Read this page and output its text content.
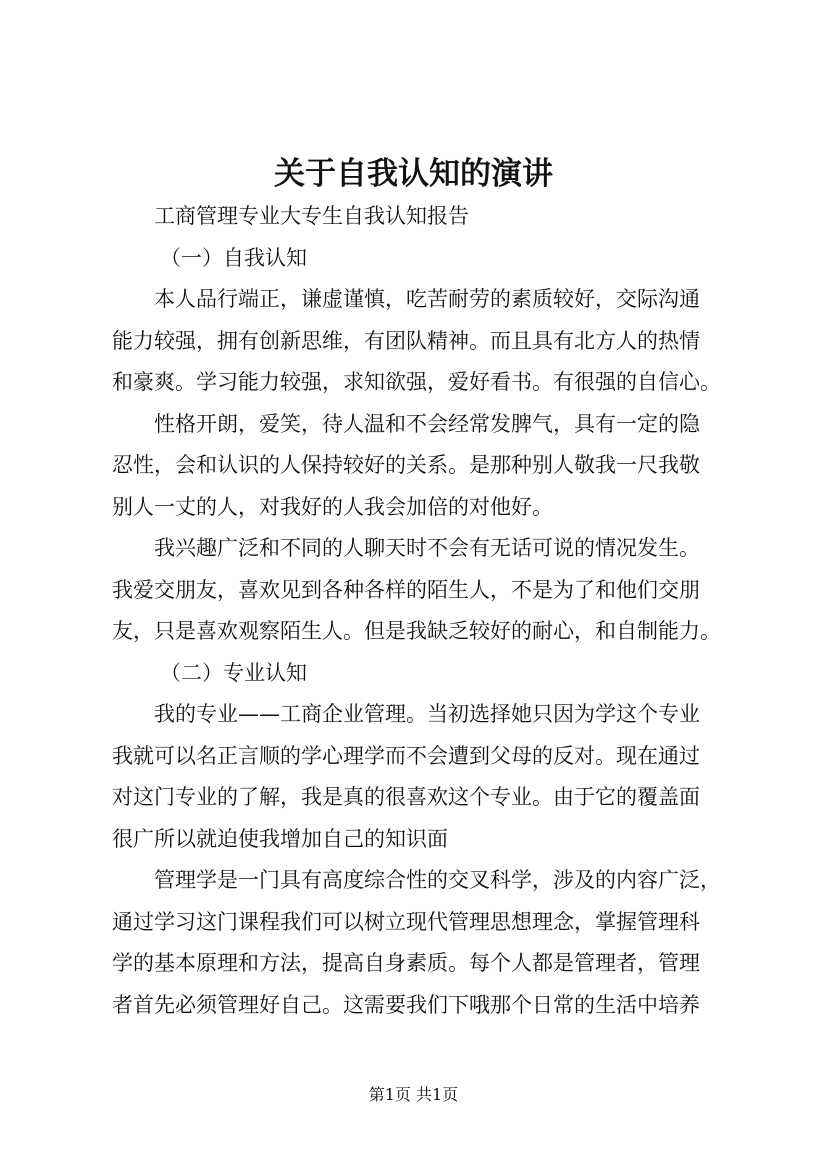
关于自我认知的演讲
工商管理专业大专生自我认知报告
（一）自我认知
本人品行端正，谦虚谨慎，吃苦耐劳的素质较好，交际沟通
能力较强，拥有创新思维，有团队精神。而且具有北方人的热情
和豪爽。学习能力较强，求知欲强，爱好看书。有很强的自信心。
性格开朗，爱笑，待人温和不会经常发脾气，具有一定的隐
忍性，会和认识的人保持较好的关系。是那种别人敬我一尺我敬
别人一丈的人，对我好的人我会加倍的对他好。
我兴趣广泛和不同的人聊天时不会有无话可说的情况发生。
我爱交朋友，喜欢见到各种各样的陌生人，不是为了和他们交朋
友，只是喜欢观察陌生人。但是我缺乏较好的耐心，和自制能力。
（二）专业认知
我的专业——工商企业管理。当初选择她只因为学这个专业
我就可以名正言顺的学心理学而不会遭到父母的反对。现在通过
对这门专业的了解，我是真的很喜欢这个专业。由于它的覆盖面
很广所以就迫使我增加自己的知识面
管理学是一门具有高度综合性的交叉科学，涉及的内容广泛，
通过学习这门课程我们可以树立现代管理思想理念，掌握管理科
学的基本原理和方法，提高自身素质。每个人都是管理者，管理
者首先必须管理好自己。这需要我们下哦那个日常的生活中培养
第1页 共1页
